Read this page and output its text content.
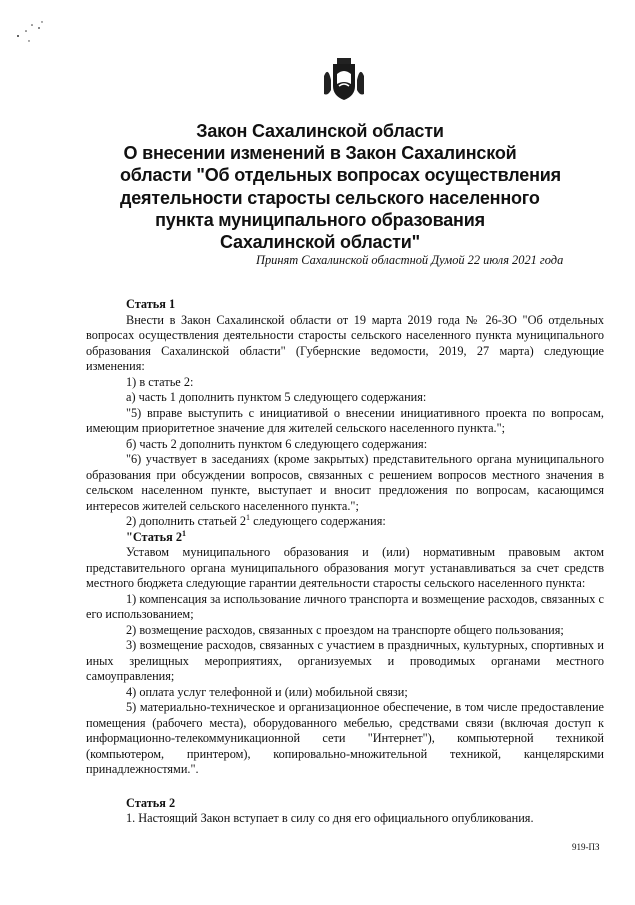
Закон Сахалинской области
О внесении изменений в Закон Сахалинской
области "Об отдельных вопросах осуществления
деятельности старосты сельского населенного
пункта муниципального образования
Сахалинской области"
Принят Сахалинской областной Думой 22 июля 2021 года
Статья 1

Внести в Закон Сахалинской области от 19 марта 2019 года № 26-ЗО "Об отдельных вопросах осуществления деятельности старосты сельского населенного пункта муниципального образования Сахалинской области" (Губернские ведомости, 2019, 27 марта) следующие изменения:

1) в статье 2:

а) часть 1 дополнить пунктом 5 следующего содержания:

"5) вправе выступить с инициативой о внесении инициативного проекта по вопросам, имеющим приоритетное значение для жителей сельского населенного пункта.";

б) часть 2 дополнить пунктом 6 следующего содержания:

"6) участвует в заседаниях (кроме закрытых) представительного органа муниципального образования при обсуждении вопросов, связанных с решением вопросов местного значения в сельском населенном пункте, выступает и вносит предложения по вопросам, касающимся интересов жителей сельского населенного пункта.";

2) дополнить статьей $2^1$ следующего содержания:

"Статья $2^1$

Уставом муниципального образования и (или) нормативным правовым актом представительного органа муниципального образования могут устанавливаться за счет средств местного бюджета следующие гарантии деятельности старосты сельского населенного пункта:

1) компенсация за использование личного транспорта и возмещение расходов, связанных с его использованием;

2) возмещение расходов, связанных с проездом на транспорте общего пользования;

3) возмещение расходов, связанных с участием в праздничных, культурных, спортивных и иных зрелищных мероприятиях, организуемых и проводимых органами местного самоуправления;

4) оплата услуг телефонной и (или) мобильной связи;

5) материально-техническое и организационное обеспечение, в том числе предоставление помещения (рабочего места), оборудованного мебелью, средствами связи (включая доступ к информационно-телекоммуникационной сети "Интернет"), компьютерной техникой (компьютером, принтером), копировально-множительной техникой, канцелярскими принадлежностями.".

Статья 2

1. Настоящий Закон вступает в силу со дня его официального опубликования.

919-ПЗ
